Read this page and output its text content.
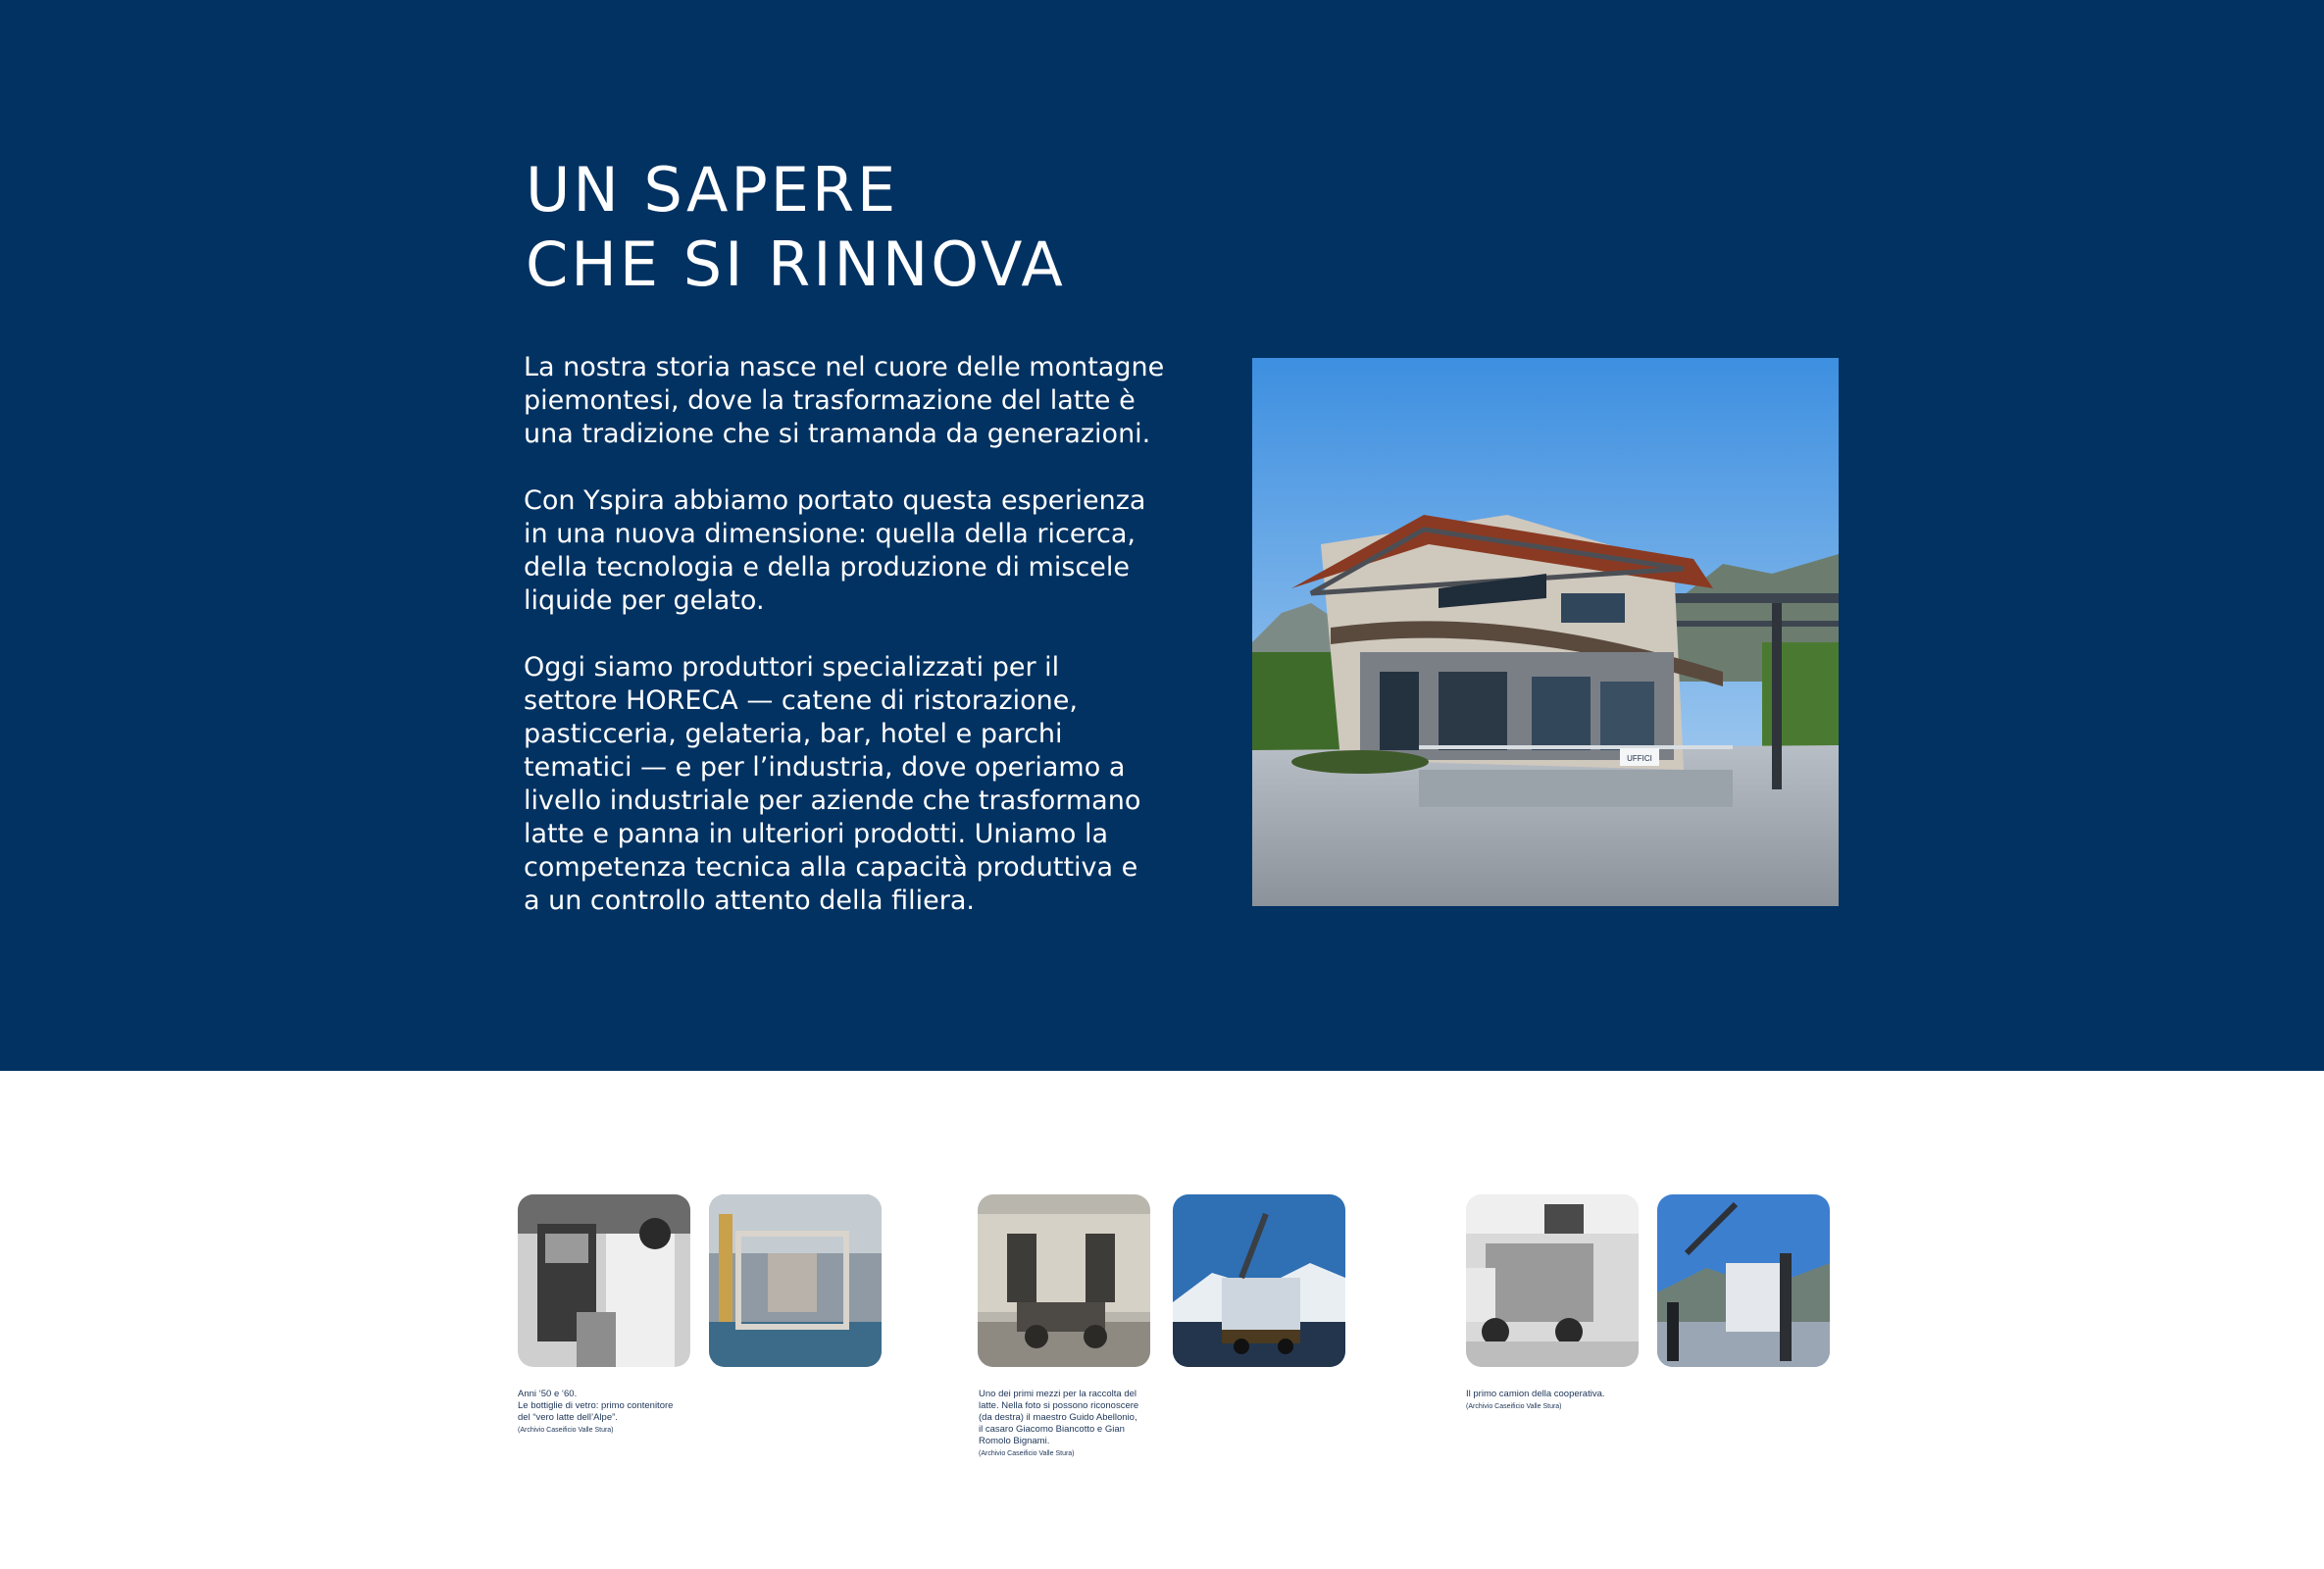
UN SAPERE
CHE SI RINNOVA

La nostra storia nasce nel cuore delle montagne
piemontesi, dove la trasformazione del latte è
una tradizione che si tramanda da generazioni.

Con Yspira abbiamo portato questa esperienza
in una nuova dimensione: quella della ricerca,
della tecnologia e della produzione di miscele
liquide per gelato.

Oggi siamo produttori specializzati per il
settore HORECA — catene di ristorazione,
pasticceria, gelateria, bar, hotel e parchi
tematici — e per l’industria, dove operiamo a
livello industriale per aziende che trasformano
latte e panna in ulteriori prodotti. Uniamo la
competenza tecnica alla capacità produttiva e
a un controllo attento della filiera.

UFFICI
Anni ‘50 e ‘60.
Le bottiglie di vetro: primo contenitore
del “vero latte dell’Alpe”.
(Archivio Caseificio Valle Stura)
Uno dei primi mezzi per la raccolta del
latte. Nella foto si possono riconoscere
(da destra) il maestro Guido Abellonio,
il casaro Giacomo Biancotto e Gian
Romolo Bignami.
(Archivio Caseificio Valle Stura)
Il primo camion della cooperativa.
(Archivio Caseificio Valle Stura)
